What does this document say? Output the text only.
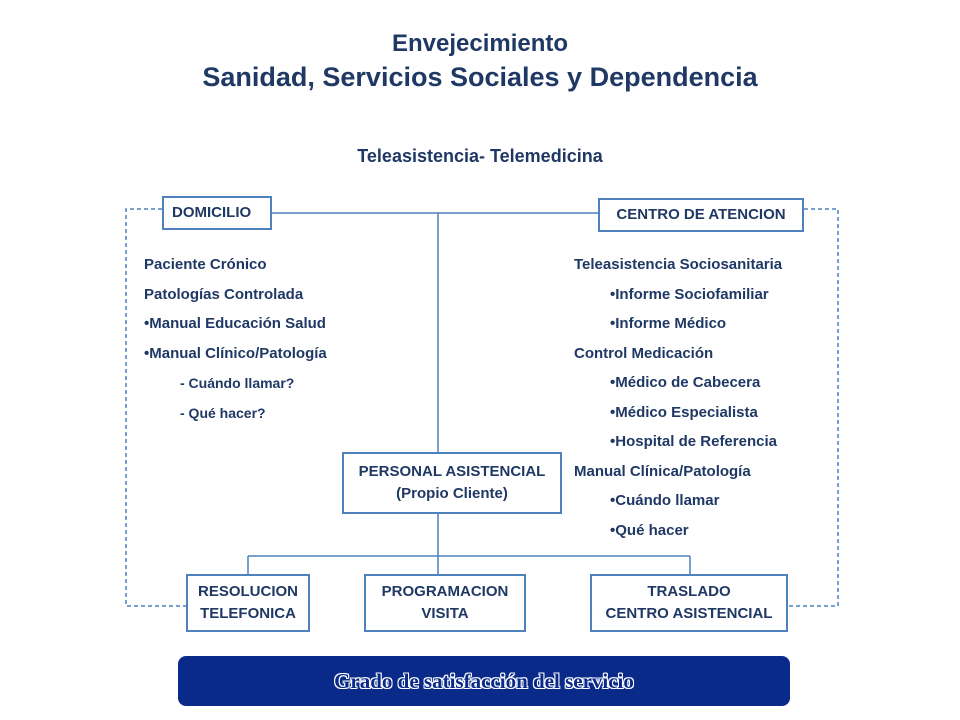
Envejecimiento
Sanidad, Servicios Sociales y Dependencia
Teleasistencia- Telemedicina
DOMICILIO	CENTRO DE ATENCION
Paciente Crónico
Patologías Controlada
•Manual Educación Salud
•Manual Clínico/Patología
- Cuándo llamar?
- Qué hacer?
Teleasistencia Sociosanitaria
•Informe Sociofamiliar
•Informe Médico
Control Medicación
•Médico de Cabecera
•Médico Especialista
•Hospital de Referencia
Manual Clínica/Patología
•Cuándo llamar
•Qué hacer
PERSONAL ASISTENCIAL
(Propio Cliente)
RESOLUCION
TELEFONICA
PROGRAMACION
VISITA
TRASLADO
CENTRO ASISTENCIAL
Grado de satisfacción del servicio
